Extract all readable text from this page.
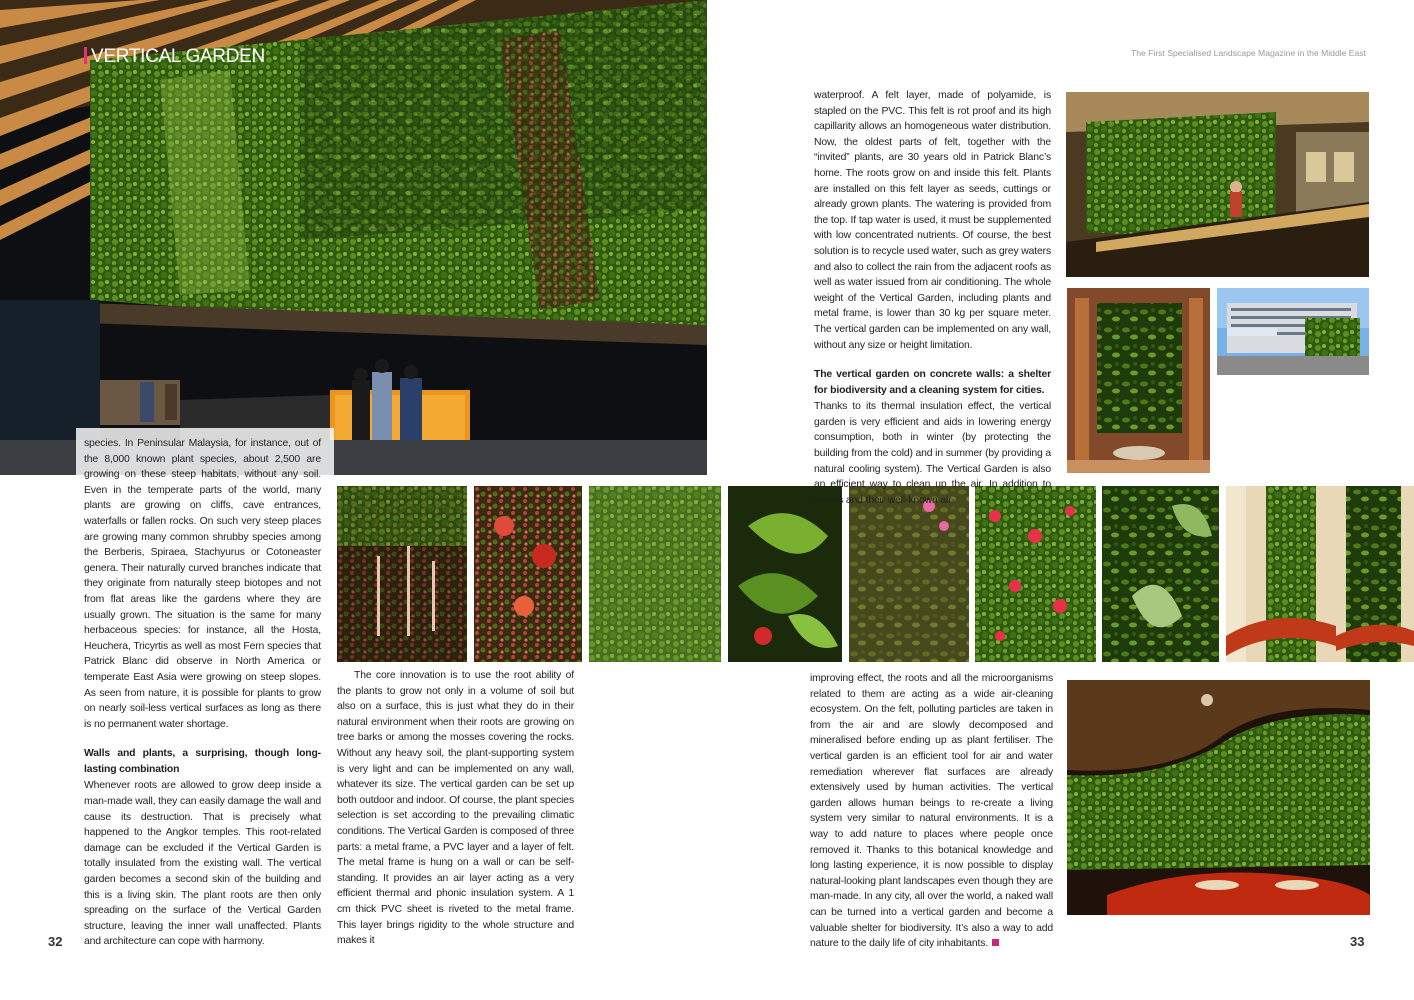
VERTICAL GARDEN	The First Specialised Landscape Magazine in the Middle East

species. In Peninsular Malaysia, for instance, out of the 8,000 known plant species, about 2,500 are growing on these steep habitats, without any soil. Even in the temperate parts of the world, many plants are growing on cliffs, cave entrances, waterfalls or fallen rocks. On such very steep places are growing many common shrubby species among the Berberis, Spiraea, Stachyurus or Cotoneaster genera. Their naturally curved branches indicate that they originate from naturally steep biotopes and not from flat areas like the gardens where they are usually grown. The situation is the same for many herbaceous species: for instance, all the Hosta, Heuchera, Tricyrtis as well as most Fern species that Patrick Blanc did observe in North America or temperate East Asia were growing on steep slopes. As seen from nature, it is possible for plants to grow on nearly soil-less vertical surfaces as long as there is no permanent water shortage.

Walls and plants, a surprising, though long-lasting combination

Whenever roots are allowed to grow deep inside a man-made wall, they can easily damage the wall and cause its destruction. That is precisely what happened to the Angkor temples. This root-related damage can be excluded if the Vertical Garden is totally insulated from the existing wall. The vertical garden becomes a second skin of the building and this is a living skin. The plant roots are then only spreading on the surface of the Vertical Garden structure, leaving the inner wall unaffected. Plants and architecture can cope with harmony.

The core innovation is to use the root ability of the plants to grow not only in a volume of soil but also on a surface, this is just what they do in their natural environment when their roots are growing on tree barks or among the mosses covering the rocks. Without any heavy soil, the plant-supporting system is very light and can be implemented on any wall, whatever its size. The vertical garden can be set up both outdoor and indoor. Of course, the plant species selection is set according to the prevailing climatic conditions. The Vertical Garden is composed of three parts: a metal frame, a PVC layer and a layer of felt. The metal frame is hung on a wall or can be self-standing. It provides an air layer acting as a very efficient thermal and phonic insulation system. A 1 cm thick PVC sheet is riveted to the metal frame. This layer brings rigidity to the whole structure and makes it

waterproof. A felt layer, made of polyamide, is stapled on the PVC. This felt is rot proof and its high capillarity allows an homogeneous water distribution. Now, the oldest parts of felt, together with the “invited” plants, are 30 years old in Patrick Blanc’s home. The roots grow on and inside this felt. Plants are installed on this felt layer as seeds, cuttings or already grown plants. The watering is provided from the top. If tap water is used, it must be supplemented with low concentrated nutrients. Of course, the best solution is to recycle used water, such as grey waters and also to collect the rain from the adjacent roofs as well as water issued from air conditioning. The whole weight of the Vertical Garden, including plants and metal frame, is lower than 30 kg per square meter. The vertical garden can be implemented on any wall, without any size or height limitation.

The vertical garden on concrete walls: a shelter for biodiversity and a cleaning system for cities.

Thanks to its thermal insulation effect, the vertical garden is very efficient and aids in lowering energy consumption, both in winter (by protecting the building from the cold) and in summer (by providing a natural cooling system). The Vertical Garden is also an efficient way to clean up the air. In addition to leaves and their well-known air-

improving effect, the roots and all the microorganisms related to them are acting as a wide air-cleaning ecosystem. On the felt, polluting particles are taken in from the air and are slowly decomposed and mineralised before ending up as plant fertiliser. The vertical garden is an efficient tool for air and water remediation wherever flat surfaces are already extensively used by human activities. The vertical garden allows human beings to re-create a living system very similar to natural environments. It is a way to add nature to places where people once removed it. Thanks to this botanical knowledge and long lasting experience, it is now possible to display natural-looking plant landscapes even though they are man-made. In any city, all over the world, a naked wall can be turned into a vertical garden and become a valuable shelter for biodiversity. It’s also a way to add nature to the daily life of city inhabitants.

32	33
